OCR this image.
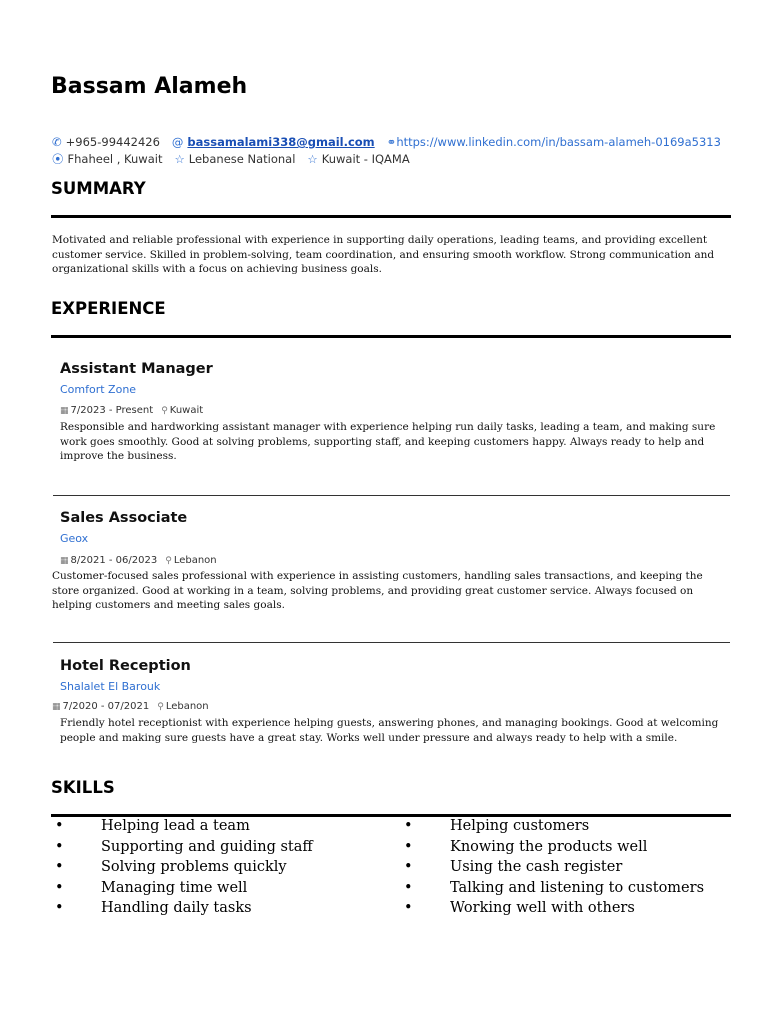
Bassam Alameh
✆ +965-99442426 @ bassamalami338@gmail.com ⚭ https://www.linkedin.com/in/bassam-alameh-0169a5313
⦿ Fhaheel , Kuwait ☆ Lebanese National ☆ Kuwait - IQAMA
SUMMARY

Motivated and reliable professional with experience in supporting daily operations, leading teams, and providing excellent customer service. Skilled in problem-solving, team coordination, and ensuring smooth workflow. Strong communication and organizational skills with a focus on achieving business goals.

EXPERIENCE
Assistant Manager
Comfort Zone
▦ 7/2023 - Present ⚲ Kuwait

Responsible and hardworking assistant manager with experience helping run daily tasks, leading a team, and making sure work goes smoothly. Good at solving problems, supporting staff, and keeping customers happy. Always ready to help and improve the business.

Sales Associate
Geox
▦ 8/2021 - 06/2023 ⚲ Lebanon

Customer-focused sales professional with experience in assisting customers, handling sales transactions, and keeping the store organized. Good at working in a team, solving problems, and providing great customer service. Always focused on helping customers and meeting sales goals.

Hotel Reception
Shalalet El Barouk
▦ 7/2020 - 07/2021 ⚲ Lebanon

Friendly hotel receptionist with experience helping guests, answering phones, and managing bookings. Good at welcoming people and making sure guests have a great stay. Works well under pressure and always ready to help with a smile.

SKILLS
•	Helping lead a team
•	Supporting and guiding staff
•	Solving problems quickly
•	Managing time well
•	Handling daily tasks
•	Helping customers
•	Knowing the products well
•	Using the cash register
•	Talking and listening to customers
•	Working well with others
